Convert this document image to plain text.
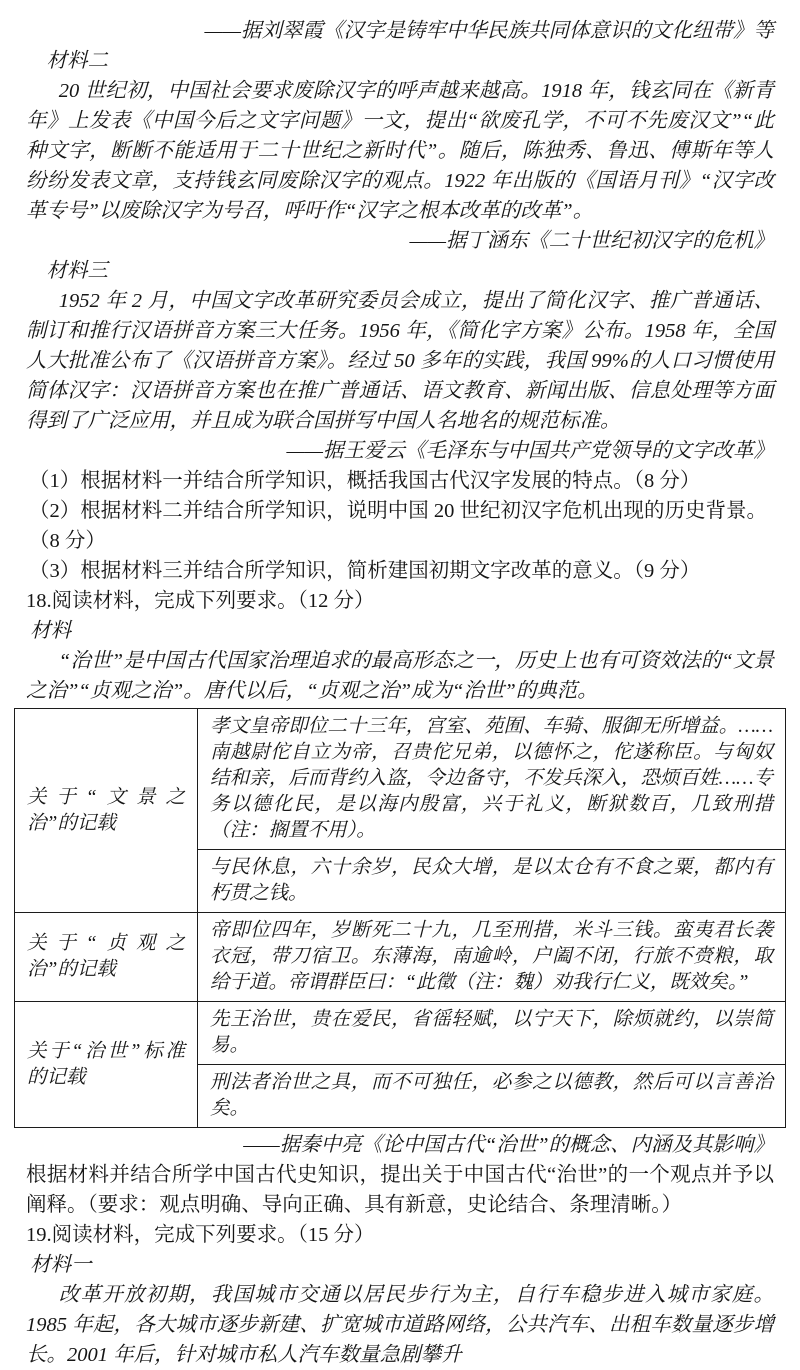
——据刘翠霞《汉字是铸牢中华民族共同体意识的文化纽带》等

材料二

20 世纪初，中国社会要求废除汉字的呼声越来越高。1918 年，钱玄同在《新青年》上发表《中国今后之文字问题》一文，提出“欲废孔学，不可不先废汉文”“此种文字，断断不能适用于二十世纪之新时代”。随后，陈独秀、鲁迅、傅斯年等人纷纷发表文章，支持钱玄同废除汉字的观点。1922 年出版的《国语月刊》“汉字改革专号”以废除汉字为号召，呼吁作“汉字之根本改革的改革”。

——据丁涵东《二十世纪初汉字的危机》

材料三

1952 年 2 月，中国文字改革研究委员会成立，提出了简化汉字、推广普通话、制订和推行汉语拼音方案三大任务。1956 年，《简化字方案》公布。1958 年，全国人大批准公布了《汉语拼音方案》。经过 50 多年的实践，我国 99%的人口习惯使用简体汉字：汉语拼音方案也在推广普通话、语文教育、新闻出版、信息处理等方面得到了广泛应用，并且成为联合国拼写中国人名地名的规范标准。

——据王爱云《毛泽东与中国共产党领导的文字改革》

（1）根据材料一并结合所学知识，概括我国古代汉字发展的特点。（8 分）

（2）根据材料二并结合所学知识，说明中国 20 世纪初汉字危机出现的历史背景。（8 分）

（3）根据材料三并结合所学知识，简析建国初期文字改革的意义。（9 分）

18.阅读材料，完成下列要求。（12 分）

材料

“治世”是中国古代国家治理追求的最高形态之一，历史上也有可资效法的“文景之治”“贞观之治”。唐代以后，“贞观之治”成为“治世”的典范。

关于“文景之治”的记载	孝文皇帝即位二十三年，宫室、苑囿、车骑、服御无所增益。……南越尉佗自立为帝，召贵佗兄弟，以德怀之，佗遂称臣。与匈奴结和亲，后而背约入盗，令边备守，不发兵深入，恐烦百姓……专务以德化民，是以海内殷富，兴于礼义，断狱数百，几致刑措（注：搁置不用）。
	与民休息，六十余岁，民众大增，是以太仓有不食之粟，都内有朽贯之钱。
关于“贞观之治”的记载	帝即位四年，岁断死二十九，几至刑措，米斗三钱。蛮夷君长袭衣冠，带刀宿卫。东薄海，南逾岭，户阖不闭，行旅不赍粮，取给于道。帝谓群臣曰：“此徵（注：魏）劝我行仁义，既效矣。”
关于“治世”标准的记载	先王治世，贵在爱民，省徭轻赋，以宁天下，除烦就约，以崇简易。
	刑法者治世之具，而不可独任，必参之以德教，然后可以言善治矣。

——据秦中亮《论中国古代“治世”的概念、内涵及其影响》

根据材料并结合所学中国古代史知识，提出关于中国古代“治世”的一个观点并予以阐释。（要求：观点明确、导向正确、具有新意，史论结合、条理清晰。）

19.阅读材料，完成下列要求。（15 分）

材料一

改革开放初期，我国城市交通以居民步行为主，自行车稳步进入城市家庭。1985 年起，各大城市逐步新建、扩宽城市道路网络，公共汽车、出租车数量逐步增长。2001 年后，针对城市私人汽车数量急剧攀升
